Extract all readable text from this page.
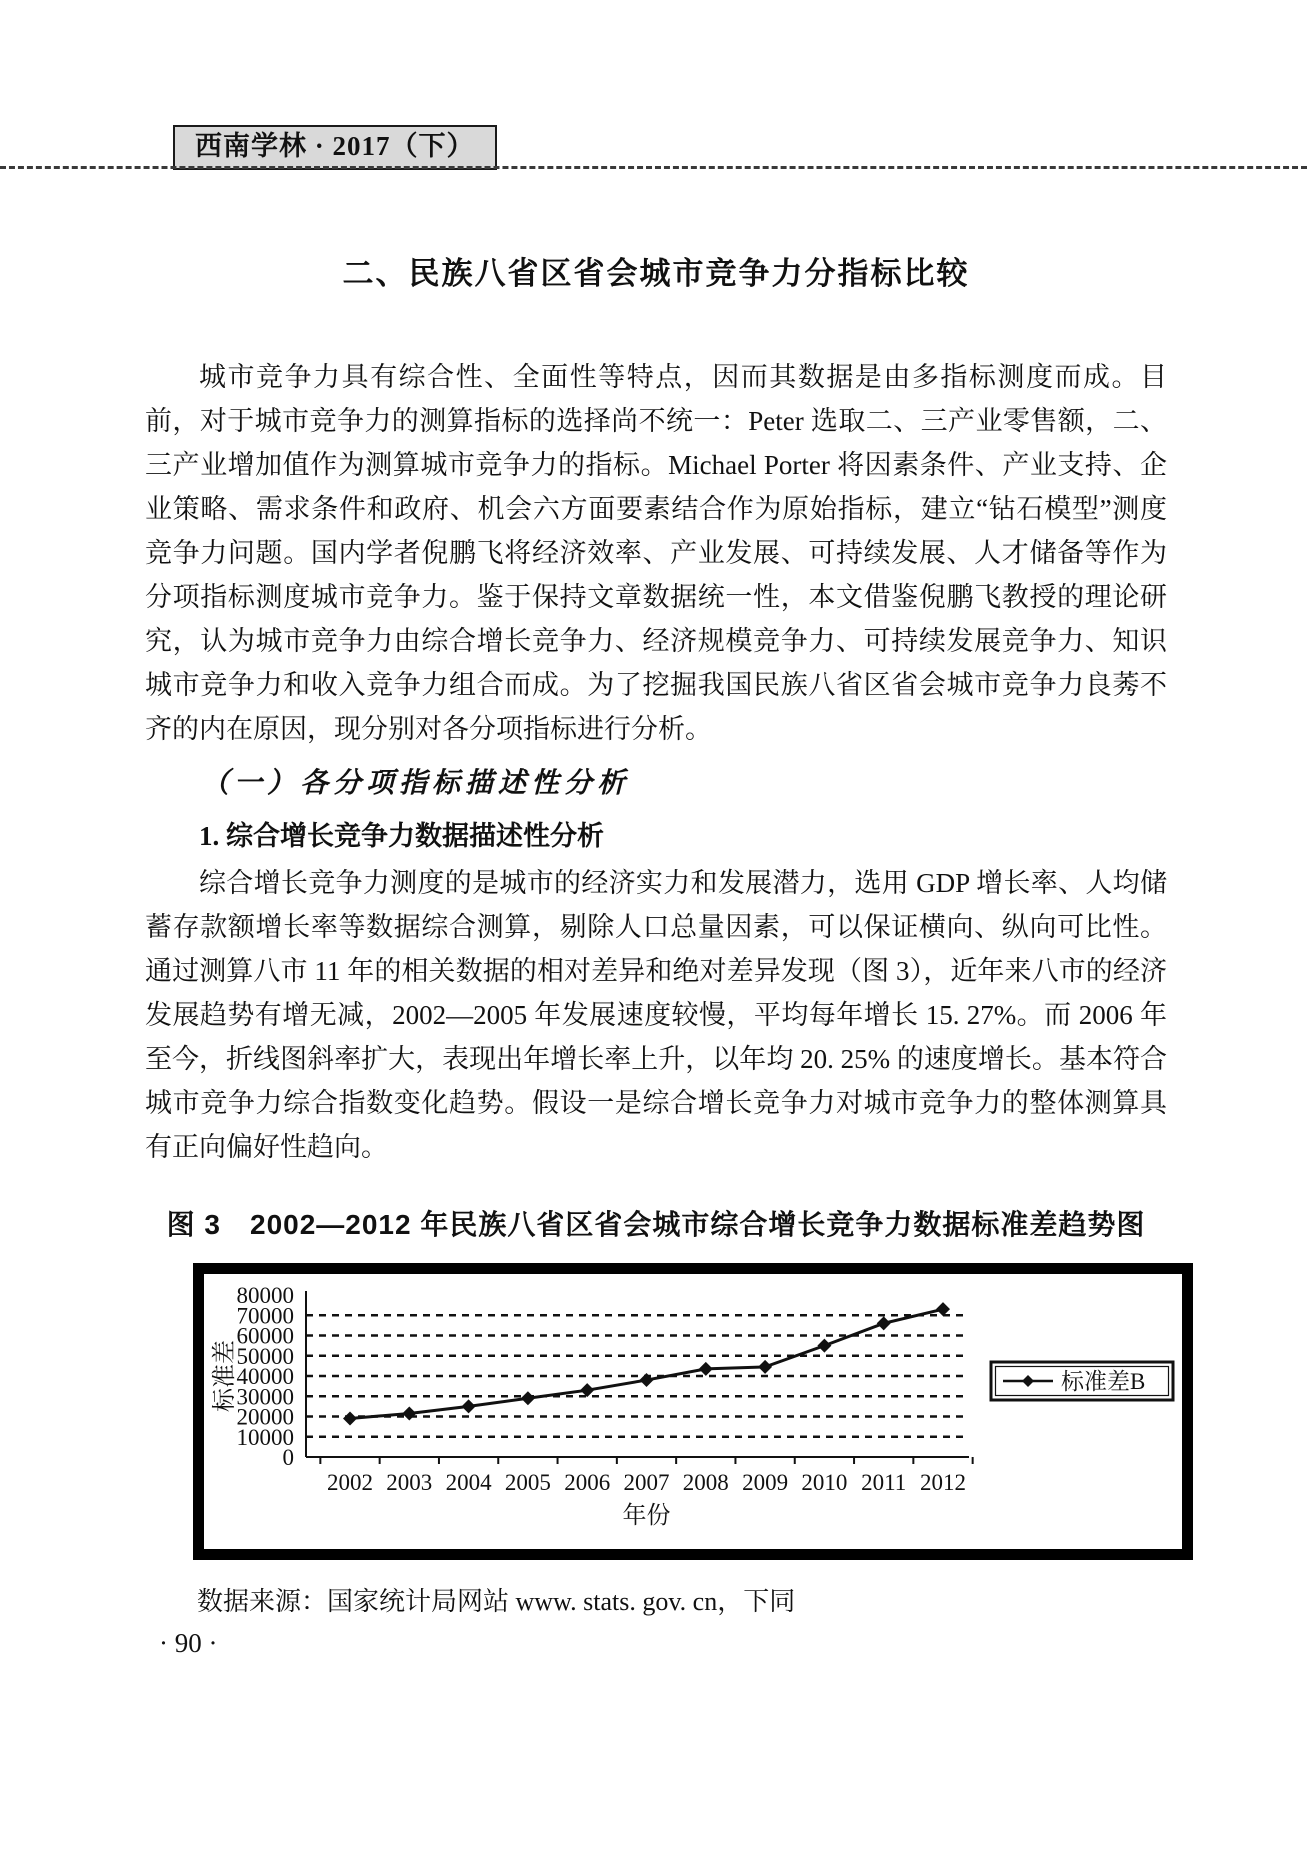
西南学林 · 2017（下）
二、民族八省区省会城市竞争力分指标比较

城市竞争力具有综合性、全面性等特点，因而其数据是由多指标测度而成。目前，对于城市竞争力的测算指标的选择尚不统一：Peter 选取二、三产业零售额，二、三产业增加值作为测算城市竞争力的指标。Michael Porter 将因素条件、产业支持、企业策略、需求条件和政府、机会六方面要素结合作为原始指标，建立“钻石模型”测度竞争力问题。国内学者倪鹏飞将经济效率、产业发展、可持续发展、人才储备等作为分项指标测度城市竞争力。鉴于保持文章数据统一性，本文借鉴倪鹏飞教授的理论研究，认为城市竞争力由综合增长竞争力、经济规模竞争力、可持续发展竞争力、知识城市竞争力和收入竞争力组合而成。为了挖掘我国民族八省区省会城市竞争力良莠不齐的内在原因，现分别对各分项指标进行分析。

（一）各分项指标描述性分析
1. 综合增长竞争力数据描述性分析

综合增长竞争力测度的是城市的经济实力和发展潜力，选用 GDP 增长率、人均储蓄存款额增长率等数据综合测算，剔除人口总量因素，可以保证横向、纵向可比性。通过测算八市 11 年的相关数据的相对差异和绝对差异发现（图 3），近年来八市的经济发展趋势有增无减，2002—2005 年发展速度较慢，平均每年增长 15. 27%。而 2006 年至今，折线图斜率扩大，表现出年增长率上升，以年均 20. 25% 的速度增长。基本符合城市竞争力综合指数变化趋势。假设一是综合增长竞争力对城市竞争力的整体测算具有正向偏好性趋向。

图 3　2002—2012 年民族八省区省会城市综合增长竞争力数据标准差趋势图
0
10000
20000
30000
40000
50000
60000
70000
80000
2002 2003 2004 2005 2006 2007 2008 2009 2010 2011 2012
年份
标准差	标准差B

数据来源：国家统计局网站 www. stats. gov. cn，下同

· 90 ·
